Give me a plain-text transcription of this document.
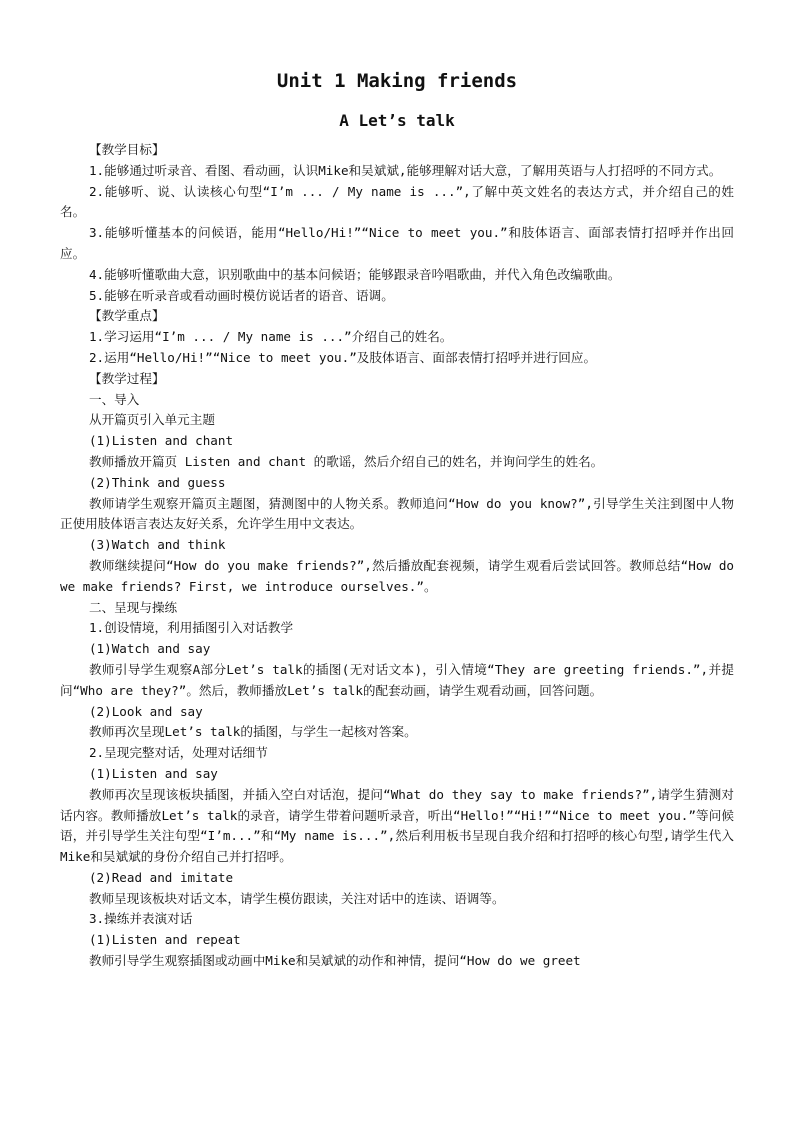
Unit 1 Making friends
A Let’s talk

【教学目标】

1.能够通过听录音、看图、看动画，认识Mike和吴斌斌,能够理解对话大意，了解用英语与人打招呼的不同方式。

2.能够听、说、认读核心句型“I’m ... / My name is ...”,了解中英文姓名的表达方式，并介绍自己的姓名。

3.能够听懂基本的问候语，能用“Hello/Hi!”“Nice to meet you.”和肢体语言、面部表情打招呼并作出回应。

4.能够听懂歌曲大意，识别歌曲中的基本问候语；能够跟录音吟唱歌曲，并代入角色改编歌曲。

5.能够在听录音或看动画时模仿说话者的语音、语调。

【教学重点】

1.学习运用“I’m ... / My name is ...”介绍自己的姓名。

2.运用“Hello/Hi!”“Nice to meet you.”及肢体语言、面部表情打招呼并进行回应。

【教学过程】

一、导入

从开篇页引入单元主题

(1)Listen and chant

教师播放开篇页 Listen and chant 的歌谣，然后介绍自己的姓名，并询问学生的姓名。

(2)Think and guess

教师请学生观察开篇页主题图，猜测图中的人物关系。教师追问“How do you know?”,引导学生关注到图中人物正使用肢体语言表达友好关系，允许学生用中文表达。

(3)Watch and think

教师继续提问“How do you make friends?”,然后播放配套视频，请学生观看后尝试回答。教师总结“How do we make friends? First, we introduce ourselves.”。

二、呈现与操练

1.创设情境，利用插图引入对话教学

(1)Watch and say

教师引导学生观察A部分Let’s talk的插图(无对话文本)，引入情境“They are greeting friends.”,并提问“Who are they?”。然后，教师播放Let’s talk的配套动画，请学生观看动画，回答问题。

(2)Look and say

教师再次呈现Let’s talk的插图，与学生一起核对答案。

2.呈现完整对话，处理对话细节

(1)Listen and say

教师再次呈现该板块插图，并插入空白对话泡，提问“What do they say to make friends?”,请学生猜测对话内容。教师播放Let’s talk的录音，请学生带着问题听录音，听出“Hello!”“Hi!”“Nice to meet you.”等问候语，并引导学生关注句型“I’m...”和“My name is...”,然后利用板书呈现自我介绍和打招呼的核心句型,请学生代入Mike和吴斌斌的身份介绍自己并打招呼。

(2)Read and imitate

教师呈现该板块对话文本，请学生模仿跟读，关注对话中的连读、语调等。

3.操练并表演对话

(1)Listen and repeat

教师引导学生观察插图或动画中Mike和吴斌斌的动作和神情，提问“How do we greet
